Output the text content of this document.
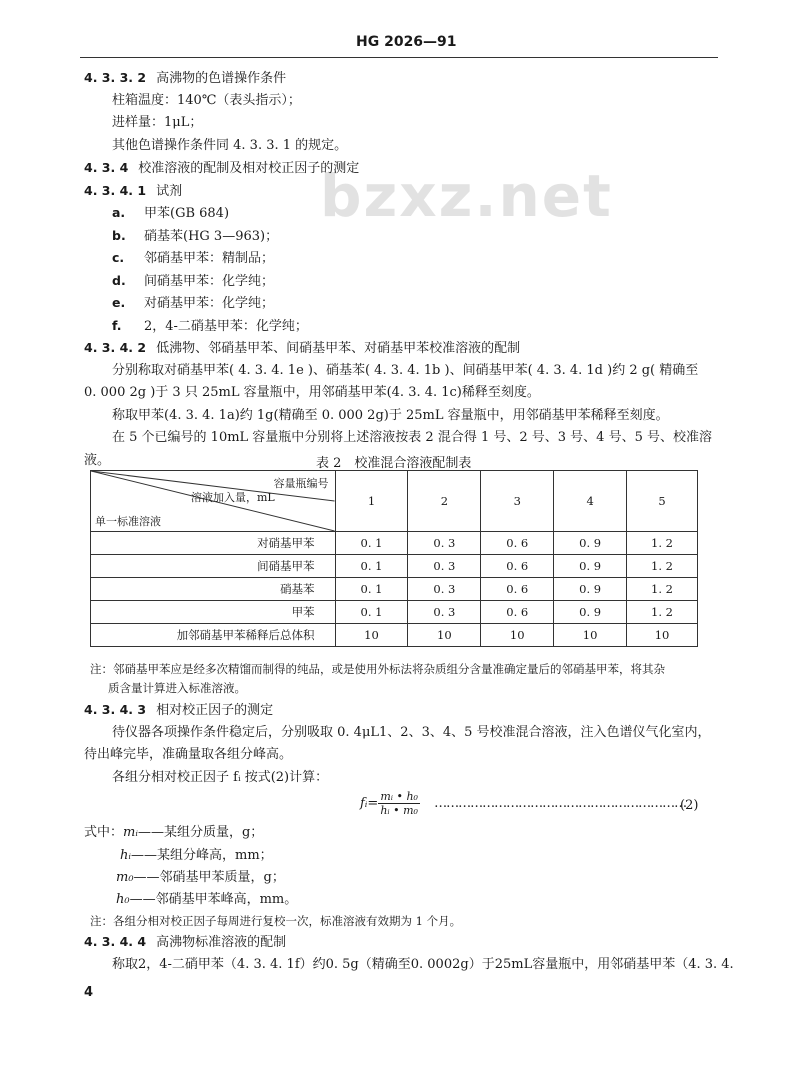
HG 2026—91
bzxz.net
4. 3. 3. 2 高沸物的色谱操作条件
柱箱温度：140℃（表头指示）；
进样量：1μL；
其他色谱操作条件同 4. 3. 3. 1 的规定。
4. 3. 4 校准溶液的配制及相对校正因子的测定
4. 3. 4. 1 试剂
a. 甲苯(GB 684)
b. 硝基苯(HG 3—963)；
c. 邻硝基甲苯：精制品；
d. 间硝基甲苯：化学纯；
e. 对硝基甲苯：化学纯；
f. 2，4-二硝基甲苯：化学纯；
4. 3. 4. 2 低沸物、邻硝基甲苯、间硝基甲苯、对硝基甲苯校准溶液的配制
分别称取对硝基甲苯( 4. 3. 4. 1e )、硝基苯( 4. 3. 4. 1b )、间硝基甲苯( 4. 3. 4. 1d )约 2 g( 精确至
0. 000 2g )于 3 只 25mL 容量瓶中，用邻硝基甲苯(4. 3. 4. 1c)稀释至刻度。
称取甲苯(4. 3. 4. 1a)约 1g(精确至 0. 000 2g)于 25mL 容量瓶中，用邻硝基甲苯稀释至刻度。
在 5 个已编号的 10mL 容量瓶中分别将上述溶液按表 2 混合得 1 号、2 号、3 号、4 号、5 号、校准溶
液。	表 2　校准混合溶液配制表
容量瓶编号
溶液加入量，mL
单一标准溶液	1	2	3	4	5
对硝基甲苯	0. 1	0. 3	0. 6	0. 9	1. 2
间硝基甲苯	0. 1	0. 3	0. 6	0. 9	1. 2
硝基苯	0. 1	0. 3	0. 6	0. 9	1. 2
甲苯	0. 1	0. 3	0. 6	0. 9	1. 2
加邻硝基甲苯稀释后总体积	10	10	10	10	10
注：邻硝基甲苯应是经多次精馏而制得的纯品，或是使用外标法将杂质组分含量准确定量后的邻硝基甲苯，将其杂
质含量计算进入标准溶液。
4. 3. 4. 3 相对校正因子的测定
待仪器各项操作条件稳定后，分别吸取 0. 4μL1、2、3、4、5 号校准混合溶液，注入色谱仪气化室内，
待出峰完毕，准确量取各组分峰高。
各组分相对校正因子 fᵢ 按式(2)计算：
fᵢ= $\frac{\text{mᵢ • h₀}}{\text{hᵢ • m₀}}$ ………………………………………………………
(2)
式中：mᵢ——某组分质量，g；
hᵢ——某组分峰高，mm；
m₀——邻硝基甲苯质量，g；
h₀——邻硝基甲苯峰高，mm。
注：各组分相对校正因子每周进行复校一次，标准溶液有效期为 1 个月。
4. 3. 4. 4 高沸物标准溶液的配制
称取2，4-二硝甲苯（4. 3. 4. 1f）约0. 5g（精确至0. 0002g）于25mL容量瓶中，用邻硝基甲苯（4. 3. 4.
4
